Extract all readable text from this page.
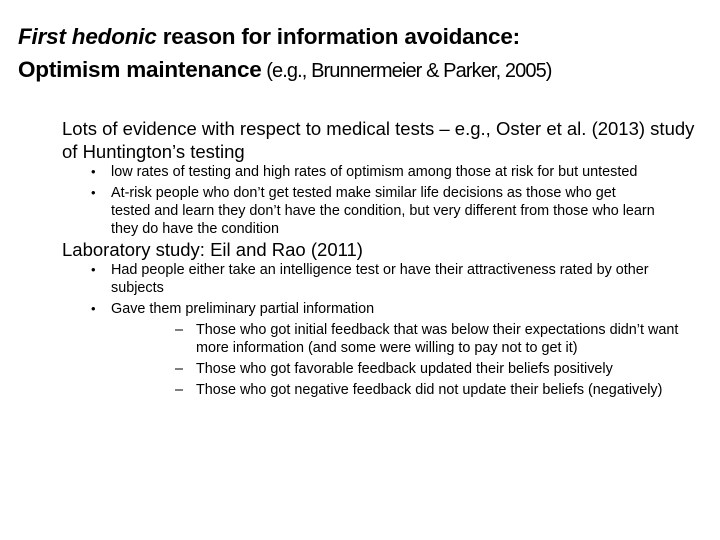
First hedonic reason for information avoidance:
Optimism maintenance (e.g., Brunnermeier & Parker, 2005)

Lots of evidence with respect to medical tests – e.g., Oster et al. (2013) study of Huntington’s testing

• low rates of testing and high rates of optimism among those at risk for but untested
• At-risk people who don’t get tested make similar life decisions as those who get tested and learn they don’t have the condition, but very different from those who learn they do have the condition

Laboratory study: Eil and Rao (2011)

• Had people either take an intelligence test or have their attractiveness rated by other subjects
• Gave them preliminary partial information
– Those who got initial feedback that was below their expectations didn’t want more information (and some were willing to pay not to get it)
– Those who got favorable feedback updated their beliefs positively
– Those who got negative feedback did not update their beliefs (negatively)
